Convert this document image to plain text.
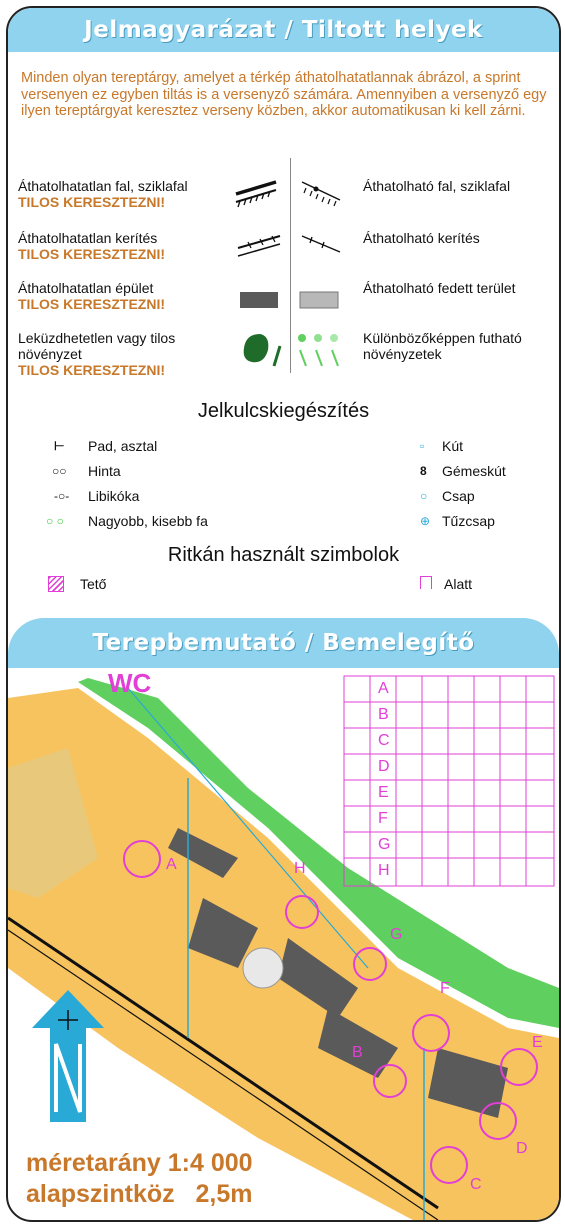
Jelmagyarázat / Tiltott helyek
Minden olyan tereptárgy, amelyet a térkép áthatolhatatlannak ábrázol, a sprint versenyen ez egyben tiltás is a versenyző számára. Amennyiben a versenyző egy ilyen tereptárgyat keresztez verseny közben, akkor automatikusan ki kell zárni.
Áthatolhatatlan fal, sziklafal
TILOS KERESZTEZNI!
Áthatolhatatlan kerítés
TILOS KERESZTEZNI!
Áthatolhatatlan épület
TILOS KERESZTEZNI!
Leküzdhetetlen vagy tilos növényzet
TILOS KERESZTEZNI!
Áthatolható fal, sziklafal
Áthatolható kerítés
Áthatolható fedett terület
Különbözőképpen futható növényzetek
Jelkulcskiegészítés
⊢
○○
-○-
○ ○
Pad, asztal
Hinta
Libikóka
Nagyobb, kisebb fa
▫
8
○
⊕
Kút
Gémeskút
Csap
Tűzcsap
Ritkán használt szimbolok
Tető	Alatt
Terepbemutató / Bemelegítő
WC	A
B
C
D
E
F
G
H
A
B
C
D
E
F
G
H
méretarány 1:4 000
alapszintköz   2,5m
